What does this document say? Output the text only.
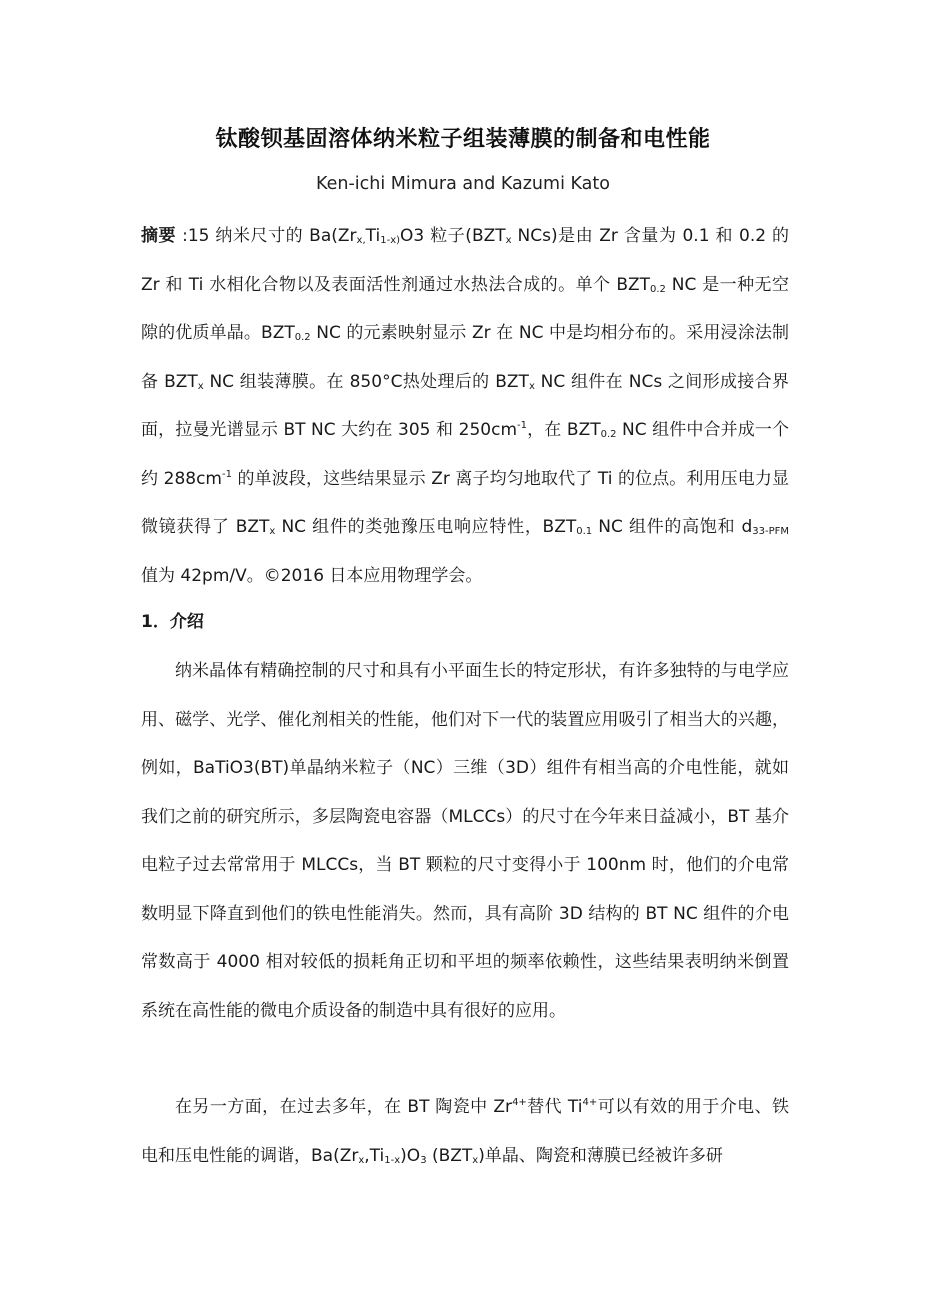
钛酸钡基固溶体纳米粒子组装薄膜的制备和电性能
Ken-ichi Mimura and Kazumi Kato
摘要 :15 纳米尺寸的 $Ba(Zr_{x,}Ti_{1-x)}O3$ 粒子($BZT_x$ NCs)是由 Zr 含量为 0.1 和 0.2 的 Zr 和 Ti 水相化合物以及表面活性剂通过水热法合成的。单个 $BZT_{0.2}$ NC 是一种无空隙的优质单晶。$BZT_{0.2}$ NC 的元素映射显示 Zr 在 NC 中是均相分布的。采用浸涂法制备 $BZT_x$ NC 组装薄膜。在 850°C热处理后的 $BZT_x$ NC 组件在 NCs 之间形成接合界面，拉曼光谱显示 BT NC 大约在 305 和 $250cm^{-1}$，在 $BZT_{0.2}$ NC 组件中合并成一个约 $288cm^{-1}$ 的单波段，这些结果显示 Zr 离子均匀地取代了 Ti 的位点。利用压电力显微镜获得了 $BZT_x$ NC 组件的类弛豫压电响应特性，$BZT_{0.1}$ NC 组件的高饱和 $d_{33-PFM}$ 值为 42pm/V。©2016 日本应用物理学会。
1．介绍
纳米晶体有精确控制的尺寸和具有小平面生长的特定形状，有许多独特的与电学应用、磁学、光学、催化剂相关的性能，他们对下一代的装置应用吸引了相当大的兴趣，例如，BaTiO3(BT)单晶纳米粒子（NC）三维（3D）组件有相当高的介电性能，就如我们之前的研究所示，多层陶瓷电容器（MLCCs）的尺寸在今年来日益减小，BT 基介电粒子过去常常用于 MLCCs，当 BT 颗粒的尺寸变得小于 100nm 时，他们的介电常数明显下降直到他们的铁电性能消失。然而，具有高阶 3D 结构的 BT NC 组件的介电常数高于 4000 相对较低的损耗角正切和平坦的频率依赖性，这些结果表明纳米倒置系统在高性能的微电介质设备的制造中具有很好的应用。
在另一方面，在过去多年，在 BT 陶瓷中 $Zr^{4+}$替代 $Ti^{4+}$可以有效的用于介电、铁电和压电性能的调谐，$Ba(Zr_x,Ti_{1-x})O_3$ $(BZT_x)$单晶、陶瓷和薄膜已经被许多研
